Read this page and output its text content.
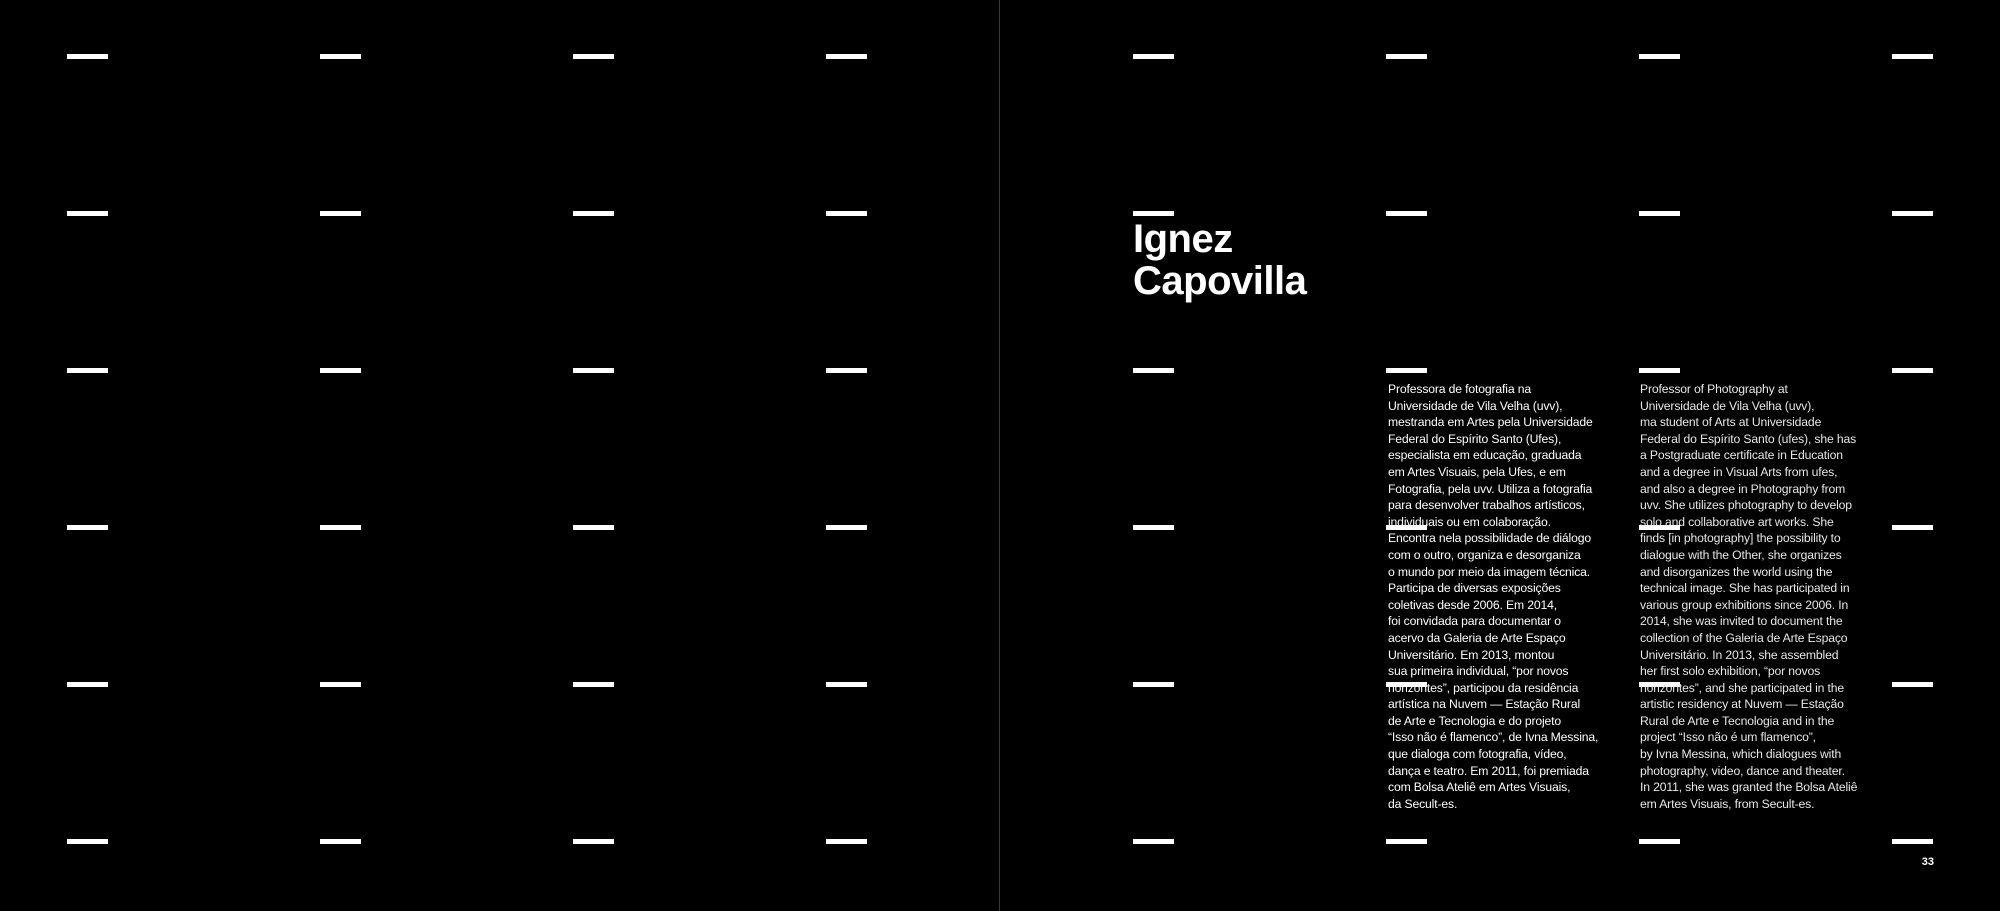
Ignez
Capovilla
Professora de fotografia na
Universidade de Vila Velha (uvv),
mestranda em Artes pela Universidade
Federal do Espírito Santo (Ufes),
especialista em educação, graduada
em Artes Visuais, pela Ufes, e em
Fotografia, pela uvv. Utiliza a fotografia
para desenvolver trabalhos artísticos,
individuais ou em colaboração.
Encontra nela possibilidade de diálogo
com o outro, organiza e desorganiza
o mundo por meio da imagem técnica.
Participa de diversas exposições
coletivas desde 2006. Em 2014,
foi convidada para documentar o
acervo da Galeria de Arte Espaço
Universitário. Em 2013, montou
sua primeira individual, “por novos
horizontes”, participou da residência
artística na Nuvem — Estação Rural
de Arte e Tecnologia e do projeto
“Isso não é flamenco”, de Ivna Messina,
que dialoga com fotografia, vídeo,
dança e teatro. Em 2011, foi premiada
com Bolsa Ateliê em Artes Visuais,
da Secult-es.
Professor of Photography at
Universidade de Vila Velha (uvv),
ma student of Arts at Universidade
Federal do Espírito Santo (ufes), she has
a Postgraduate certificate in Education
and a degree in Visual Arts from ufes,
and also a degree in Photography from
uvv. She utilizes photography to develop
solo and collaborative art works. She
finds [in photography] the possibility to
dialogue with the Other, she organizes
and disorganizes the world using the
technical image. She has participated in
various group exhibitions since 2006. In
2014, she was invited to document the
collection of the Galeria de Arte Espaço
Universitário. In 2013, she assembled
her first solo exhibition, “por novos
horizontes”, and she participated in the
artistic residency at Nuvem — Estação
Rural de Arte e Tecnologia and in the
project “Isso não é um flamenco”,
by Ivna Messina, which dialogues with
photography, video, dance and theater.
In 2011, she was granted the Bolsa Ateliê
em Artes Visuais, from Secult-es.
33
